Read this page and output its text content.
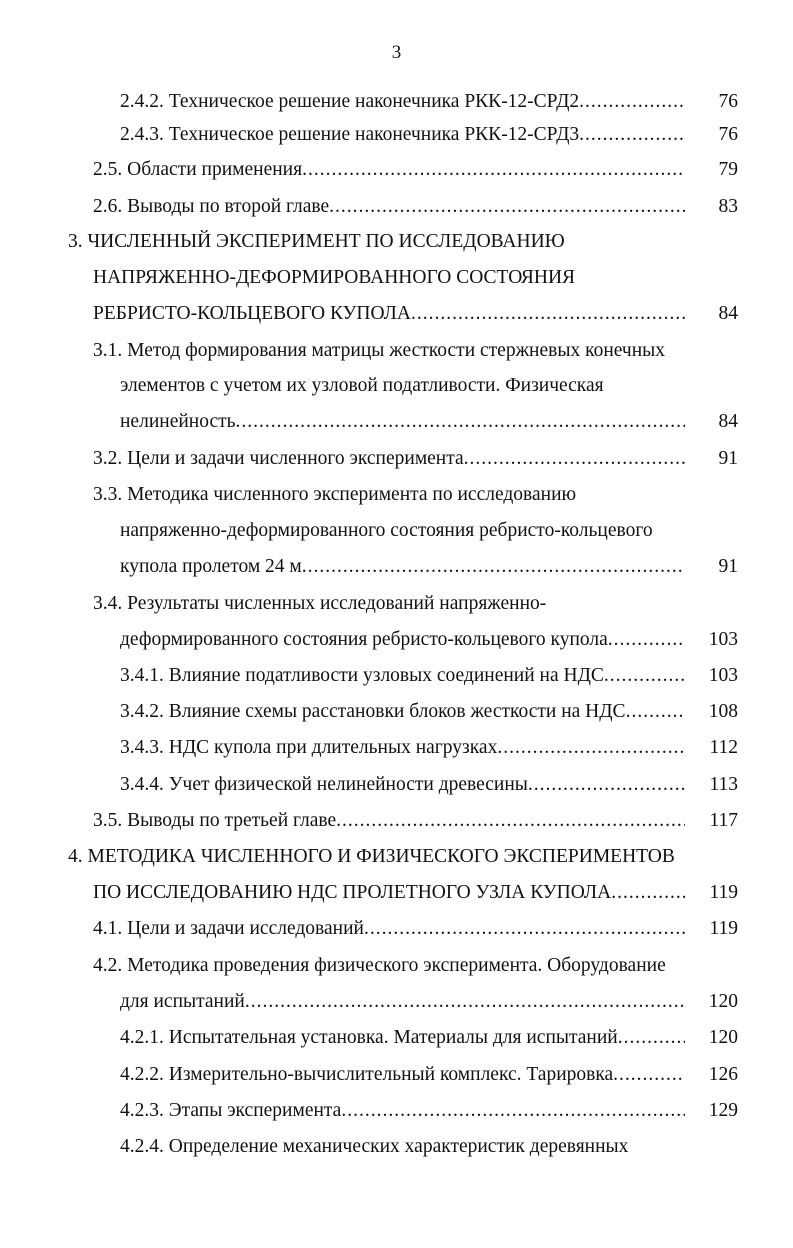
3
2.4.2. Техническое решение наконечника РКК-12-СРД2 .....	76
2.4.3. Техническое решение наконечника РКК-12-СРД3 .....	76
2.5. Области применения .....	79
2.6. Выводы по второй главе .....	83
3. ЧИСЛЕННЫЙ ЭКСПЕРИМЕНТ ПО ИССЛЕДОВАНИЮ
НАПРЯЖЕННО-ДЕФОРМИРОВАННОГО СОСТОЯНИЯ
РЕБРИСТО-КОЛЬЦЕВОГО КУПОЛА .....	84
3.1. Метод формирования матрицы жесткости стержневых конечных
элементов с учетом их узловой податливости. Физическая
нелинейность .....	84
3.2. Цели и задачи численного эксперимента .....	91
3.3. Методика численного эксперимента по исследованию
напряженно-деформированного состояния ребристо-кольцевого
купола пролетом 24 м .....	91
3.4. Результаты численных исследований напряженно-
деформированного состояния ребристо-кольцевого купола .....	103
3.4.1. Влияние податливости узловых соединений на НДС .....	103
3.4.2. Влияние схемы расстановки блоков жесткости на НДС .....	108
3.4.3. НДС купола при длительных нагрузках .....	112
3.4.4. Учет физической нелинейности древесины .....	113
3.5. Выводы по третьей главе .....	117
4. МЕТОДИКА ЧИСЛЕННОГО И ФИЗИЧЕСКОГО ЭКСПЕРИМЕНТОВ
ПО ИССЛЕДОВАНИЮ НДС ПРОЛЕТНОГО УЗЛА КУПОЛА .....	119
4.1. Цели и задачи исследований .....	119
4.2. Методика проведения физического эксперимента. Оборудование
для испытаний .....	120
4.2.1. Испытательная установка. Материалы для испытаний .....	120
4.2.2. Измерительно-вычислительный комплекс. Тарировка .....	126
4.2.3. Этапы эксперимента .....	129
4.2.4. Определение механических характеристик деревянных
